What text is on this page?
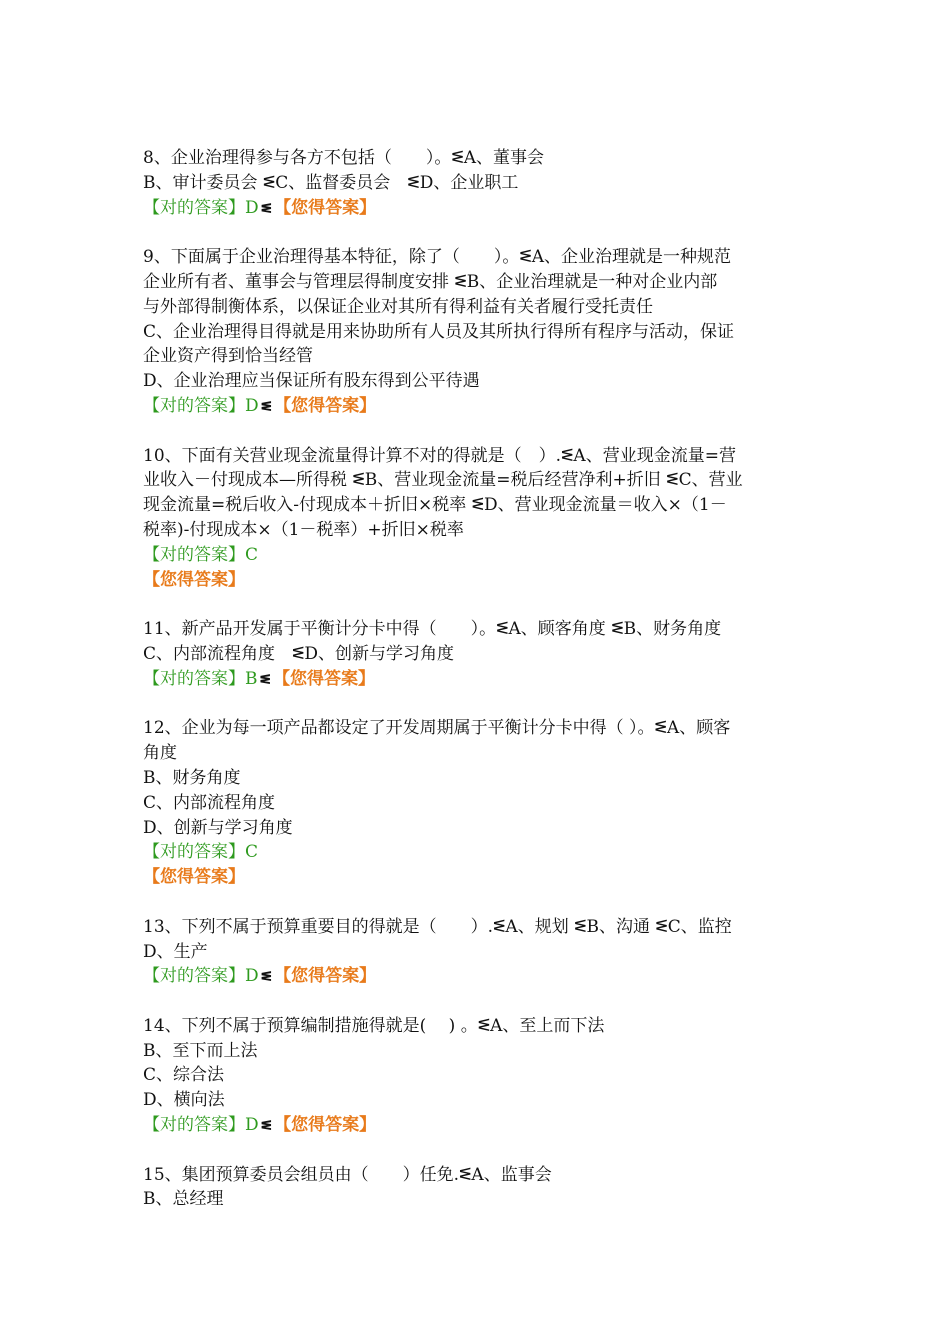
8、企业治理得参与各方不包括（　　）。ᓬA、董事会
B、审计委员会 ᓬC、监督委员会　ᓬD、企业职工
【对的答案】D ᓬ 【您得答案】
9、下面属于企业治理得基本特征，除了（　　）。ᓬA、企业治理就是一种规范
企业所有者、董事会与管理层得制度安排 ᓬB、企业治理就是一种对企业内部
与外部得制衡体系，以保证企业对其所有得利益有关者履行受托责任
C、企业治理得目得就是用来协助所有人员及其所执行得所有程序与活动，保证
企业资产得到恰当经管
D、企业治理应当保证所有股东得到公平待遇
【对的答案】D ᓬ 【您得答案】
10、下面有关营业现金流量得计算不对的得就是（　）.ᓬA、营业现金流量=营
业收入－付现成本—所得税 ᓬB、营业现金流量=税后经营净利+折旧 ᓬC、营业
现金流量=税后收入-付现成本＋折旧×税率 ᓬD、营业现金流量＝收入×（1－
税率)-付现成本×（1－税率）+折旧×税率
【对的答案】C
【您得答案】
11、新产品开发属于平衡计分卡中得（　　）。ᓬA、顾客角度 ᓬB、财务角度
C、内部流程角度　ᓬD、创新与学习角度
【对的答案】B ᓬ 【您得答案】
12、企业为每一项产品都设定了开发周期属于平衡计分卡中得（ ）。ᓬA、顾客
角度
B、财务角度
C、内部流程角度
D、创新与学习角度
【对的答案】C
【您得答案】
13、下列不属于预算重要目的得就是（　　）.ᓬA、规划 ᓬB、沟通 ᓬC、监控
D、生产
【对的答案】D ᓬ 【您得答案】
14、下列不属于预算编制措施得就是(　 ) 。ᓬA、至上而下法
B、至下而上法
C、综合法
D、横向法
【对的答案】D ᓬ 【您得答案】
15、集团预算委员会组员由（　　）任免.ᓬA、监事会
B、总经理
